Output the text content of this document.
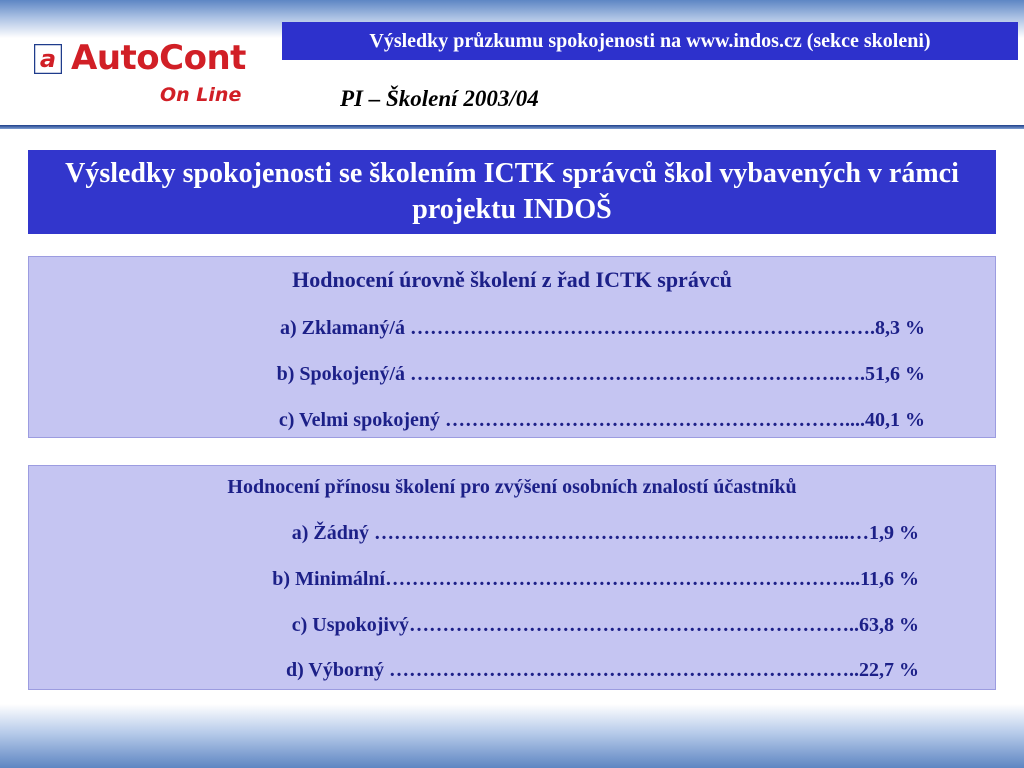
a AutoCont
On Line
Výsledky průzkumu spokojenosti na www.indos.cz (sekce skoleni)
PI – Školení 2003/04
Výsledky spokojenosti se školením ICTK správců škol vybavených v rámci projektu INDOŠ
Hodnocení úrovně školení z řad ICTK správců
a) Zklamaný/á …………………………………………………………….8,3 %
b) Spokojený/á ……………….……………………………………….….51,6 %
c) Velmi spokojený ……………………………………………………....40,1 %
Hodnocení přínosu školení pro zvýšení osobních znalostí účastníků
a) Žádný ……………………………………………………………...…1,9 %
b) Minimální……………………………………………………………...11,6 %
c) Uspokojivý…………………………………………………………..63,8 %
d) Výborný ……………………………………………………………..22,7 %
